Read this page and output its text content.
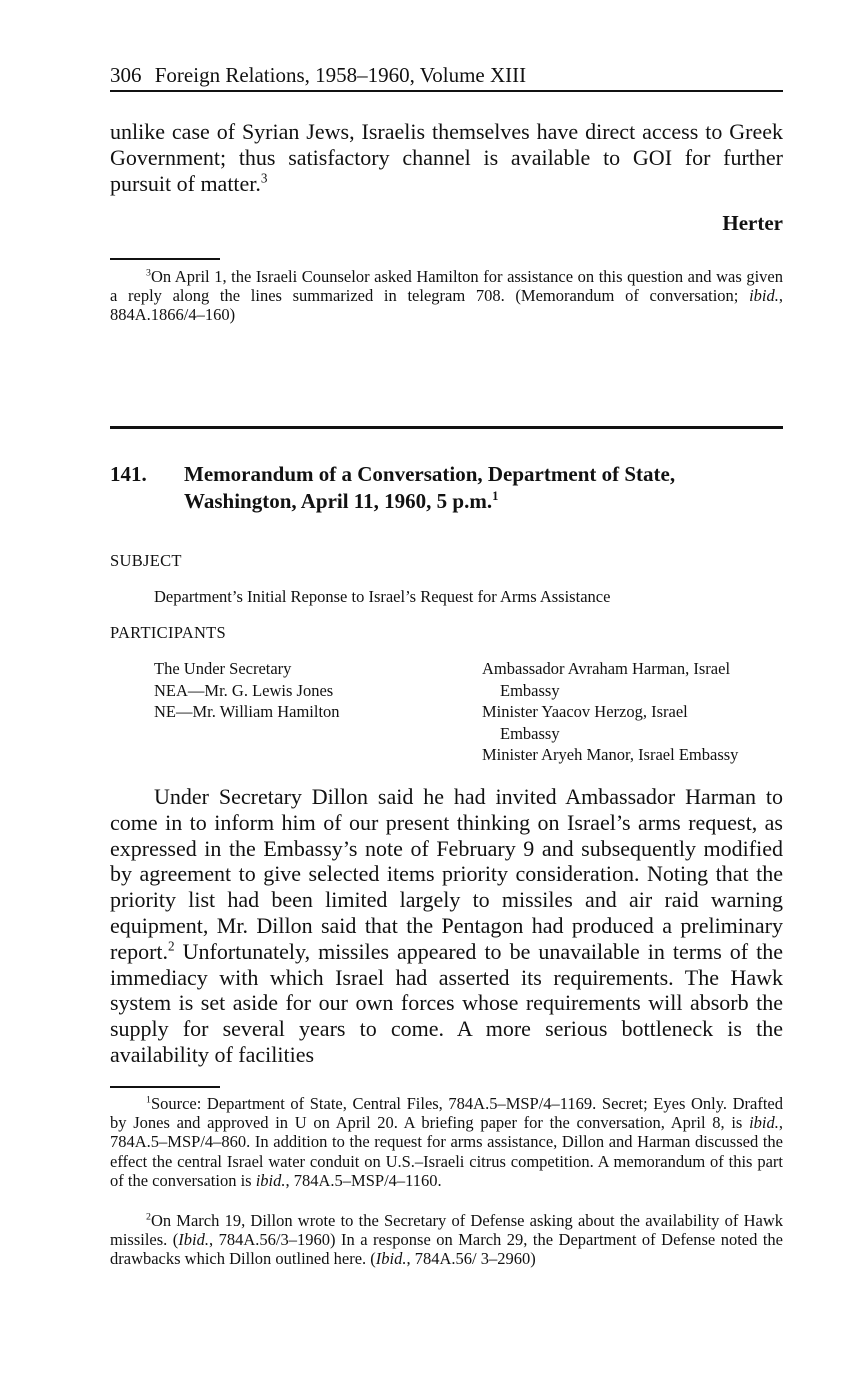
306 Foreign Relations, 1958–1960, Volume XIII

unlike case of Syrian Jews, Israelis themselves have direct access to Greek Government; thus satisfactory channel is available to GOI for further pursuit of matter.$^3$

Herter

$^3$On April 1, the Israeli Counselor asked Hamilton for assistance on this question and was given a reply along the lines summarized in telegram 708. (Memorandum of conversation; ibid., 884A.1866/4–160)

141. Memorandum of a Conversation, Department of State, Washington, April 11, 1960, 5 p.m.$^1$
SUBJECT
Department’s Initial Reponse to Israel’s Request for Arms Assistance
PARTICIPANTS
The Under Secretary
NEA—Mr. G. Lewis Jones
NE—Mr. William Hamilton
Ambassador Avraham Harman, Israel
Embassy
Minister Yaacov Herzog, Israel
Embassy
Minister Aryeh Manor, Israel Embassy

Under Secretary Dillon said he had invited Ambassador Harman to come in to inform him of our present thinking on Israel’s arms request, as expressed in the Embassy’s note of February 9 and subsequently modified by agreement to give selected items priority consideration. Noting that the priority list had been limited largely to missiles and air raid warning equipment, Mr. Dillon said that the Pentagon had produced a preliminary report.$^2$ Unfortunately, missiles appeared to be unavailable in terms of the immediacy with which Israel had asserted its requirements. The Hawk system is set aside for our own forces whose requirements will absorb the supply for several years to come. A more serious bottleneck is the availability of facilities

$^1$Source: Department of State, Central Files, 784A.5–MSP/4–1169. Secret; Eyes Only. Drafted by Jones and approved in U on April 20. A briefing paper for the conversation, April 8, is ibid., 784A.5–MSP/4–860. In addition to the request for arms assistance, Dillon and Harman discussed the effect the central Israel water conduit on U.S.–Israeli citrus competition. A memorandum of this part of the conversation is ibid., 784A.5–MSP/4–1160.

$^2$On March 19, Dillon wrote to the Secretary of Defense asking about the availability of Hawk missiles. (Ibid., 784A.56/3–1960) In a response on March 29, the Department of Defense noted the drawbacks which Dillon outlined here. (Ibid., 784A.56/ 3–2960)
